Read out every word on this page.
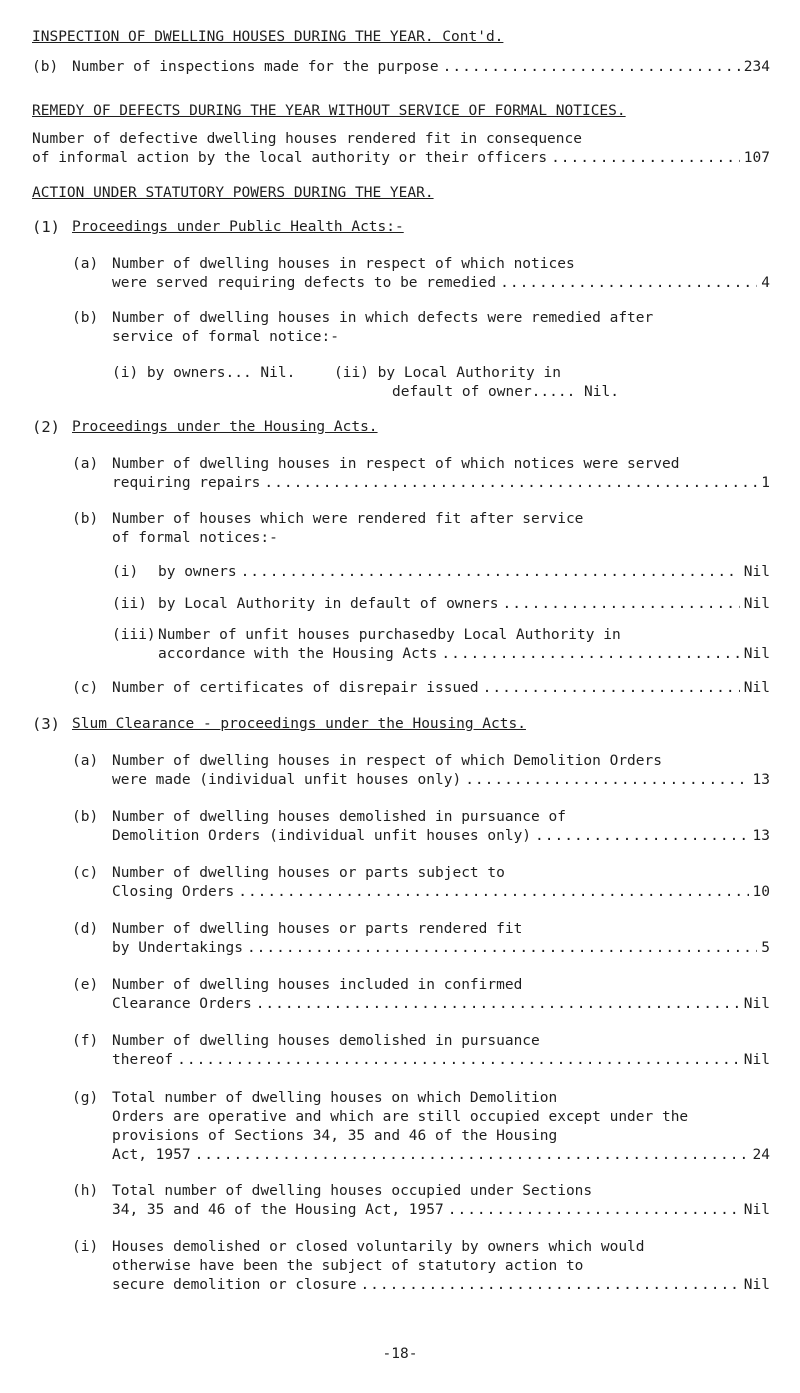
INSPECTION OF DWELLING HOUSES DURING THE YEAR. Cont'd.
(b) Number of inspections made for the purpose .....	234
REMEDY OF DEFECTS DURING THE YEAR WITHOUT SERVICE OF FORMAL NOTICES.
Number of defective dwelling houses rendered fit in consequence
of informal action by the local authority or their officers .....	107
ACTION UNDER STATUTORY POWERS DURING THE YEAR.
(1) Proceedings under Public Health Acts:-
(a) Number of dwelling houses in respect of which notices
were served requiring defects to be remedied .....	4
(b) Number of dwelling houses in which defects were remedied after
service of formal notice:-
(i) by owners... Nil.	(ii) by Local Authority in
default of owner..... Nil.
(2) Proceedings under the Housing Acts.
(a) Number of dwelling houses in respect of which notices were served
requiring repairs .....	1
(b) Number of houses which were rendered fit after service
of formal notices:-
(i) by owners .....	Nil
(ii) by Local Authority in default of owners .....	Nil
(iii) Number of unfit houses purchasedby Local Authority in
accordance with the Housing Acts .....	Nil
(c) Number of certificates of disrepair issued .....	Nil
(3) Slum Clearance - proceedings under the Housing Acts.
(a) Number of dwelling houses in respect of which Demolition Orders
were made (individual unfit houses only) .....	13
(b) Number of dwelling houses demolished in pursuance of
Demolition Orders (individual unfit houses only) .....	13
(c) Number of dwelling houses or parts subject to
Closing Orders .....	10
(d) Number of dwelling houses or parts rendered fit
by Undertakings .....	5
(e) Number of dwelling houses included in confirmed
Clearance Orders .....	Nil
(f) Number of dwelling houses demolished in pursuance
thereof .....	Nil
(g) Total number of dwelling houses on which Demolition
Orders are operative and which are still occupied except under the
provisions of Sections 34, 35 and 46 of the Housing
Act, 1957 .....	24
(h) Total number of dwelling houses occupied under Sections
34, 35 and 46 of the Housing Act, 1957 .....	Nil
(i) Houses demolished or closed voluntarily by owners which would
otherwise have been the subject of statutory action to
secure demolition or closure .....	Nil
-18-
